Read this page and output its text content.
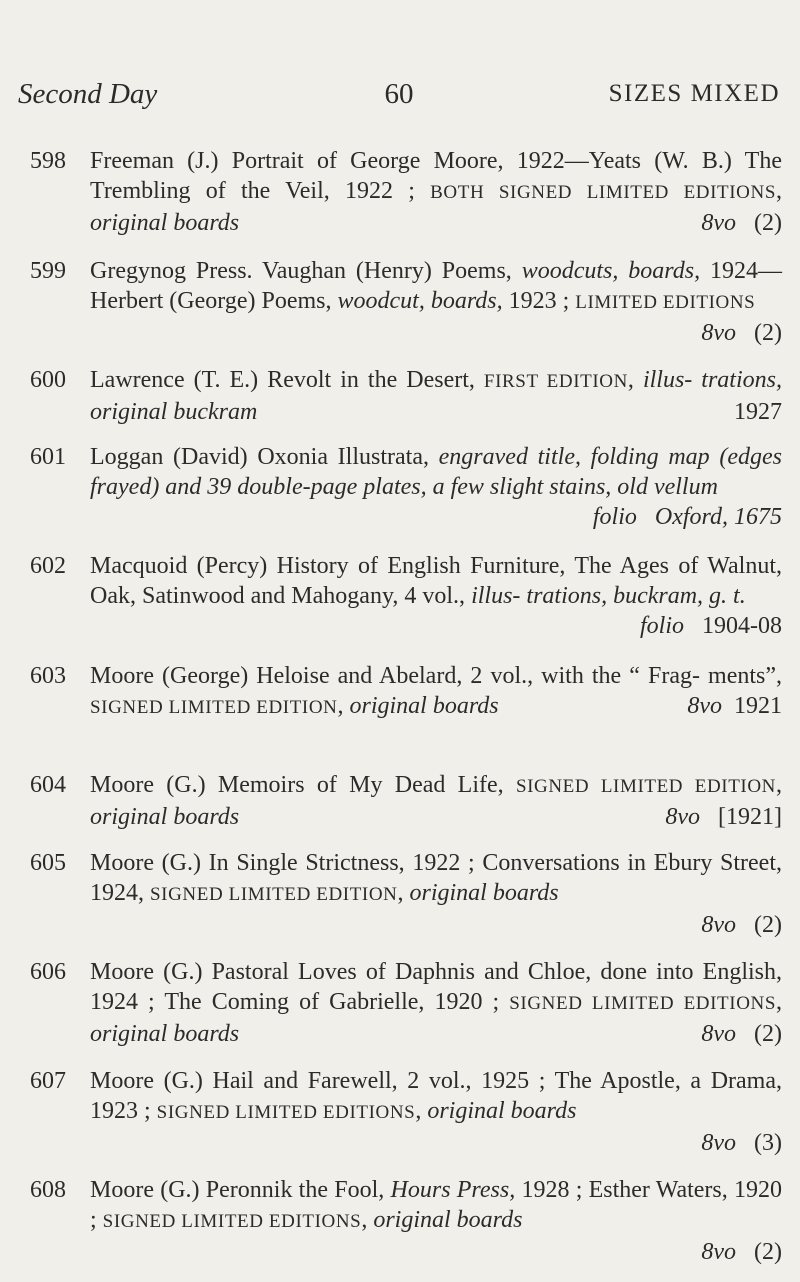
Second Day	60	SIZES MIXED
598 Freeman (J.) Portrait of George Moore, 1922—Yeats (W. B.) The Trembling of the Veil, 1922 ; BOTH SIGNED LIMITED EDITIONS, original boards	8vo (2)
599 Gregynog Press. Vaughan (Henry) Poems, woodcuts, boards, 1924—Herbert (George) Poems, woodcut, boards, 1923 ; LIMITED EDITIONS
8vo (2)
600 Lawrence (T. E.) Revolt in the Desert, FIRST EDITION, illus- trations, original buckram	1927
601 Loggan (David) Oxonia Illustrata, engraved title, folding map (edges frayed) and 39 double-page plates, a few slight stains, old vellum
folio Oxford, 1675
602 Macquoid (Percy) History of English Furniture, The Ages of Walnut, Oak, Satinwood and Mahogany, 4 vol., illus- trations, buckram, g. t.
folio 1904-08
603 Moore (George) Heloise and Abelard, 2 vol., with the “ Frag- ments”, SIGNED LIMITED EDITION, original boards	8vo 1921
604 Moore (G.) Memoirs of My Dead Life, SIGNED LIMITED EDITION, original boards	8vo [1921]
605 Moore (G.) In Single Strictness, 1922 ; Conversations in Ebury Street, 1924, SIGNED LIMITED EDITION, original boards
8vo (2)
606 Moore (G.) Pastoral Loves of Daphnis and Chloe, done into English, 1924 ; The Coming of Gabrielle, 1920 ; SIGNED LIMITED EDITIONS, original boards	8vo (2)
607 Moore (G.) Hail and Farewell, 2 vol., 1925 ; The Apostle, a Drama, 1923 ; SIGNED LIMITED EDITIONS, original boards
8vo (3)
608 Moore (G.) Peronnik the Fool, Hours Press, 1928 ; Esther Waters, 1920 ; SIGNED LIMITED EDITIONS, original boards
8vo (2)
